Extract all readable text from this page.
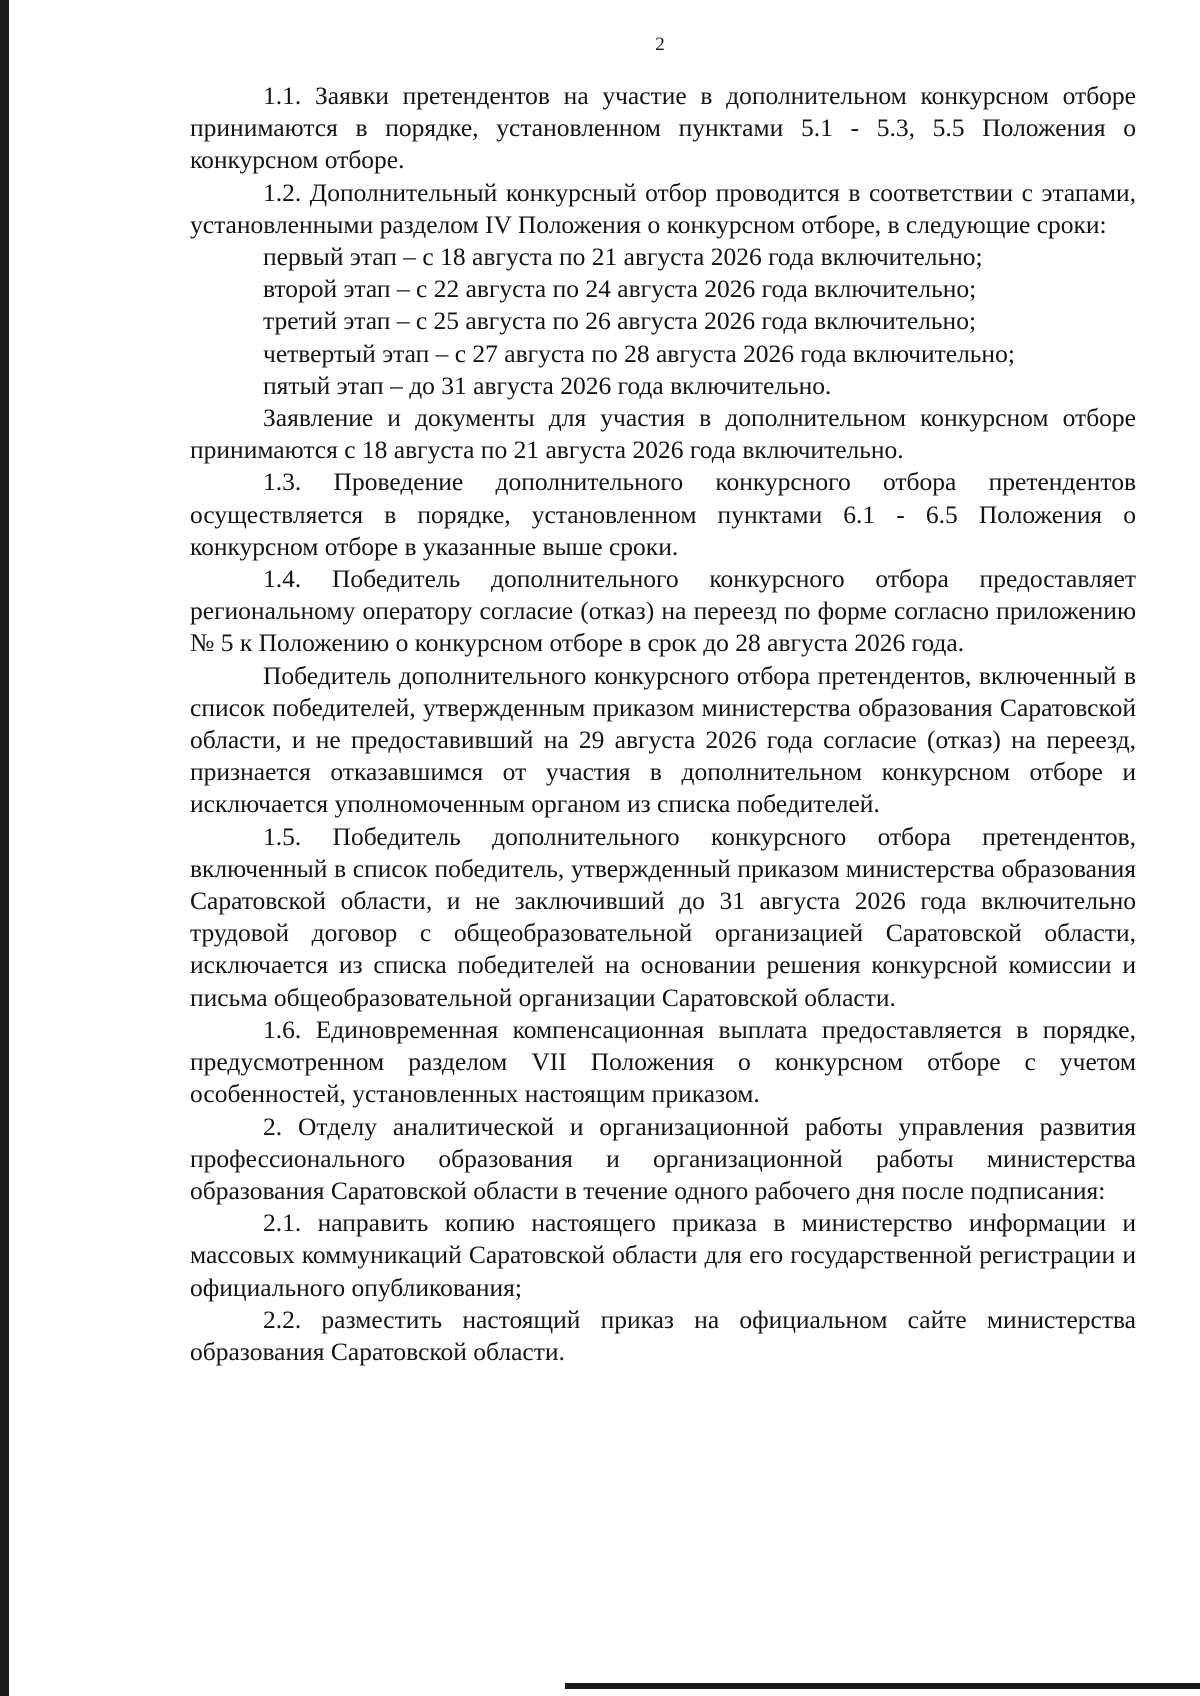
2

1.1. Заявки претендентов на участие в дополнительном конкурсном отборе принимаются в порядке, установленном пунктами 5.1 - 5.3, 5.5 Положения о конкурсном отборе.

1.2. Дополнительный конкурсный отбор проводится в соответствии с этапами, установленными разделом IV Положения о конкурсном отборе, в следующие сроки:

первый этап – с 18 августа по 21 августа 2026 года включительно;

второй этап – с 22 августа по 24 августа 2026 года включительно;

третий этап – с 25 августа по 26 августа 2026 года включительно;

четвертый этап – с 27 августа по 28 августа 2026 года включительно;

пятый этап – до 31 августа 2026 года включительно.

Заявление и документы для участия в дополнительном конкурсном отборе принимаются с 18 августа по 21 августа 2026 года включительно.

1.3. Проведение дополнительного конкурсного отбора претендентов осуществляется в порядке, установленном пунктами 6.1 - 6.5 Положения о конкурсном отборе в указанные выше сроки.

1.4. Победитель дополнительного конкурсного отбора предоставляет региональному оператору согласие (отказ) на переезд по форме согласно приложению № 5 к Положению о конкурсном отборе в срок до 28 августа 2026 года.

Победитель дополнительного конкурсного отбора претендентов, включенный в список победителей, утвержденным приказом министерства образования Саратовской области, и не предоставивший на 29 августа 2026 года согласие (отказ) на переезд, признается отказавшимся от участия в дополнительном конкурсном отборе и исключается уполномоченным органом из списка победителей.

1.5. Победитель дополнительного конкурсного отбора претендентов, включенный в список победитель, утвержденный приказом министерства образования Саратовской области, и не заключивший до 31 августа 2026 года включительно трудовой договор с общеобразовательной организацией Саратовской области, исключается из списка победителей на основании решения конкурсной комиссии и письма общеобразовательной организации Саратовской области.

1.6. Единовременная компенсационная выплата предоставляется в порядке, предусмотренном разделом VII Положения о конкурсном отборе с учетом особенностей, установленных настоящим приказом.

2. Отделу аналитической и организационной работы управления развития профессионального образования и организационной работы министерства образования Саратовской области в течение одного рабочего дня после подписания:

2.1. направить копию настоящего приказа в министерство информации и массовых коммуникаций Саратовской области для его государственной регистрации и официального опубликования;

2.2. разместить настоящий приказ на официальном сайте министерства образования Саратовской области.
